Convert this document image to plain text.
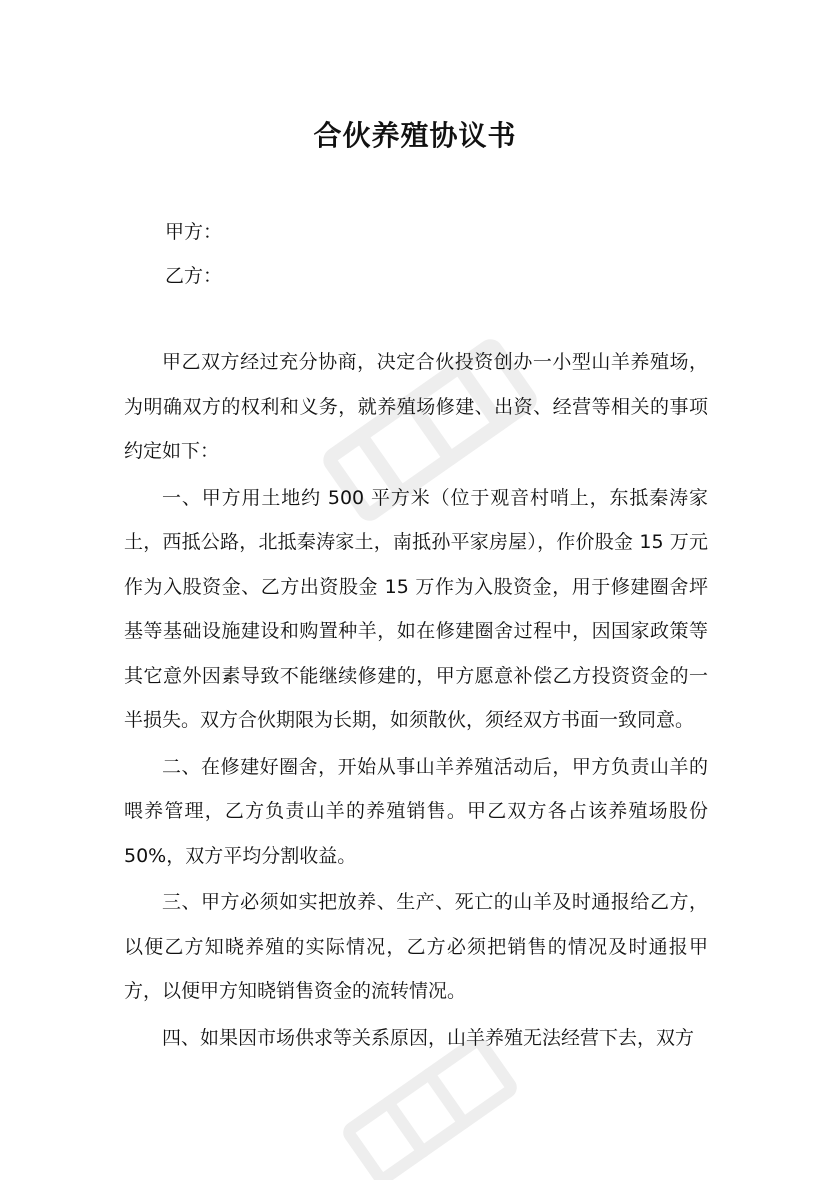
合伙养殖协议书
甲方：
乙方：

甲乙双方经过充分协商，决定合伙投资创办一小型山羊养殖场，为明确双方的权利和义务，就养殖场修建、出资、经营等相关的事项约定如下：

一、甲方用土地约 500 平方米（位于观音村哨上，东抵秦涛家土，西抵公路，北抵秦涛家土，南抵孙平家房屋），作价股金 15 万元作为入股资金、乙方出资股金 15 万作为入股资金，用于修建圈舍坪基等基础设施建设和购置种羊，如在修建圈舍过程中，因国家政策等其它意外因素导致不能继续修建的，甲方愿意补偿乙方投资资金的一半损失。双方合伙期限为长期，如须散伙，须经双方书面一致同意。

二、在修建好圈舍，开始从事山羊养殖活动后，甲方负责山羊的喂养管理，乙方负责山羊的养殖销售。甲乙双方各占该养殖场股份 50%，双方平均分割收益。

三、甲方必须如实把放养、生产、死亡的山羊及时通报给乙方，以便乙方知晓养殖的实际情况，乙方必须把销售的情况及时通报甲方，以便甲方知晓销售资金的流转情况。

四、如果因市场供求等关系原因，山羊养殖无法经营下去，双方
